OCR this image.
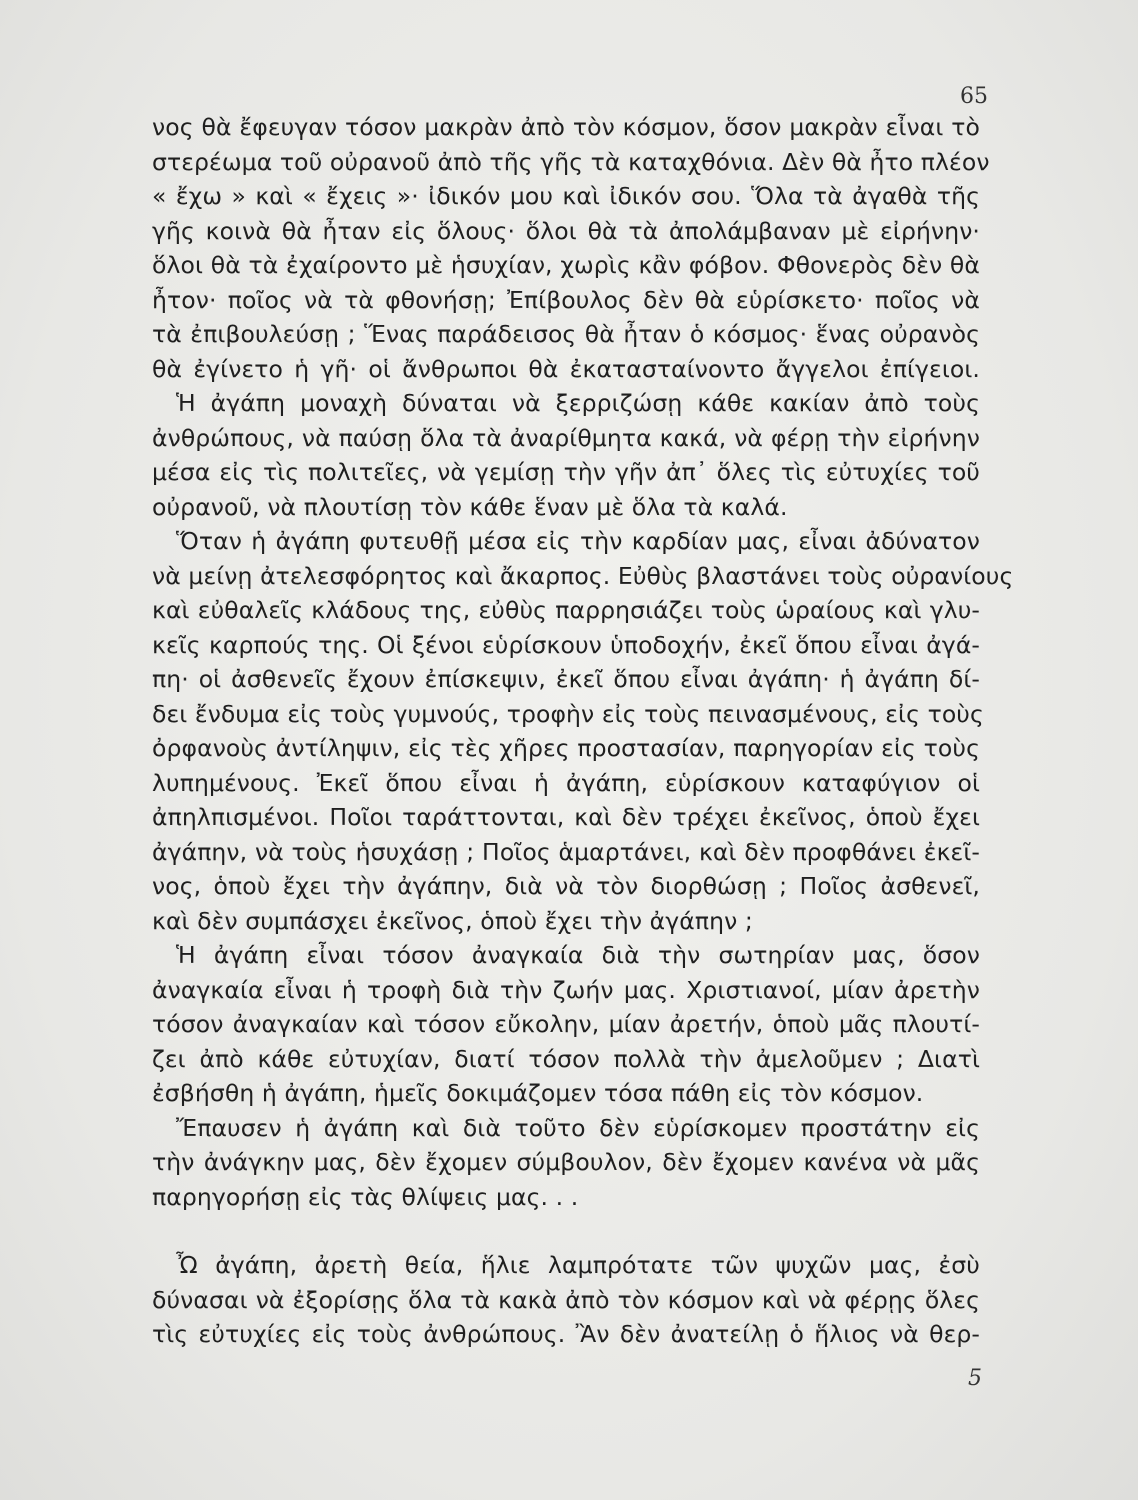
65
νος θὰ ἔφευγαν τόσον μακρὰν ἀπὸ τὸν κόσμον, ὅσον μακρὰν εἶναι τὸ
στερέωμα τοῦ οὐρανοῦ ἀπὸ τῆς γῆς τὰ καταχθόνια. Δὲν θὰ ἦτο πλέον
« ἔχω » καὶ « ἔχεις »· ἰδικόν μου καὶ ἰδικόν σου. Ὅλα τὰ ἀγαθὰ τῆς
γῆς κοινὰ θὰ ἦταν εἰς ὅλους· ὅλοι θὰ τὰ ἀπολάμβαναν μὲ εἰρήνην·
ὅλοι θὰ τὰ ἐχαίροντο μὲ ἡσυχίαν, χωρὶς κἂν φόβον. Φθονερὸς δὲν θὰ
ἦτον· ποῖος νὰ τὰ φθονήσῃ; Ἐπίβουλος δὲν θὰ εὑρίσκετο· ποῖος νὰ
τὰ ἐπιβουλεύσῃ ; Ἕνας παράδεισος θὰ ἦταν ὁ κόσμος· ἕνας οὐρανὸς
θὰ ἐγίνετο ἡ γῆ· οἱ ἄνθρωποι θὰ ἐκατασταίνοντο ἄγγελοι ἐπίγειοι.
Ἡ ἀγάπη μοναχὴ δύναται νὰ ξερριζώσῃ κάθε κακίαν ἀπὸ τοὺς
ἀνθρώπους, νὰ παύσῃ ὅλα τὰ ἀναρίθμητα κακά, νὰ φέρῃ τὴν εἰρήνην
μέσα εἰς τὶς πολιτεῖες, νὰ γεμίσῃ τὴν γῆν ἀπ᾽ ὅλες τὶς εὐτυχίες τοῦ
οὐρανοῦ, νὰ πλουτίσῃ τὸν κάθε ἕναν μὲ ὅλα τὰ καλά.
Ὅταν ἡ ἀγάπη φυτευθῇ μέσα εἰς τὴν καρδίαν μας, εἶναι ἀδύνατον
νὰ μείνῃ ἀτελεσφόρητος καὶ ἄκαρπος. Εὐθὺς βλαστάνει τοὺς οὐρανίους
καὶ εὐθαλεῖς κλάδους της, εὐθὺς παρρησιάζει τοὺς ὡραίους καὶ γλυ-
κεῖς καρπούς της. Οἱ ξένοι εὑρίσκουν ὑποδοχήν, ἐκεῖ ὅπου εἶναι ἀγά-
πη· οἱ ἀσθενεῖς ἔχουν ἐπίσκεψιν, ἐκεῖ ὅπου εἶναι ἀγάπη· ἡ ἀγάπη δί-
δει ἔνδυμα εἰς τοὺς γυμνούς, τροφὴν εἰς τοὺς πεινασμένους, εἰς τοὺς
ὀρφανοὺς ἀντίληψιν, εἰς τὲς χῆρες προστασίαν, παρηγορίαν εἰς τοὺς
λυπημένους. Ἐκεῖ ὅπου εἶναι ἡ ἀγάπη, εὑρίσκουν καταφύγιον οἱ
ἀπηλπισμένοι. Ποῖοι ταράττονται, καὶ δὲν τρέχει ἐκεῖνος, ὁποὺ ἔχει
ἀγάπην, νὰ τοὺς ἡσυχάσῃ ; Ποῖος ἁμαρτάνει, καὶ δὲν προφθάνει ἐκεῖ-
νος, ὁποὺ ἔχει τὴν ἀγάπην, διὰ νὰ τὸν διορθώσῃ ; Ποῖος ἀσθενεῖ,
καὶ δὲν συμπάσχει ἐκεῖνος, ὁποὺ ἔχει τὴν ἀγάπην ;
Ἡ ἀγάπη εἶναι τόσον ἀναγκαία διὰ τὴν σωτηρίαν μας, ὅσον
ἀναγκαία εἶναι ἡ τροφὴ διὰ τὴν ζωήν μας. Χριστιανοί, μίαν ἀρετὴν
τόσον ἀναγκαίαν καὶ τόσον εὔκολην, μίαν ἀρετήν, ὁποὺ μᾶς πλουτί-
ζει ἀπὸ κάθε εὐτυχίαν, διατί τόσον πολλὰ τὴν ἀμελοῦμεν ; Διατὶ
ἐσβήσθη ἡ ἀγάπη, ἡμεῖς δοκιμάζομεν τόσα πάθη εἰς τὸν κόσμον.
Ἔπαυσεν ἡ ἀγάπη καὶ διὰ τοῦτο δὲν εὑρίσκομεν προστάτην εἰς
τὴν ἀνάγκην μας, δὲν ἔχομεν σύμβουλον, δὲν ἔχομεν κανένα νὰ μᾶς
παρηγορήσῃ εἰς τὰς θλίψεις μας. . .
Ὦ ἀγάπη, ἀρετὴ θεία, ἥλιε λαμπρότατε τῶν ψυχῶν μας, ἐσὺ
δύνασαι νὰ ἐξορίσῃς ὅλα τὰ κακὰ ἀπὸ τὸν κόσμον καὶ νὰ φέρῃς ὅλες
τὶς εὐτυχίες εἰς τοὺς ἀνθρώπους. Ἂν δὲν ἀνατείλῃ ὁ ἥλιος νὰ θερ-
5
